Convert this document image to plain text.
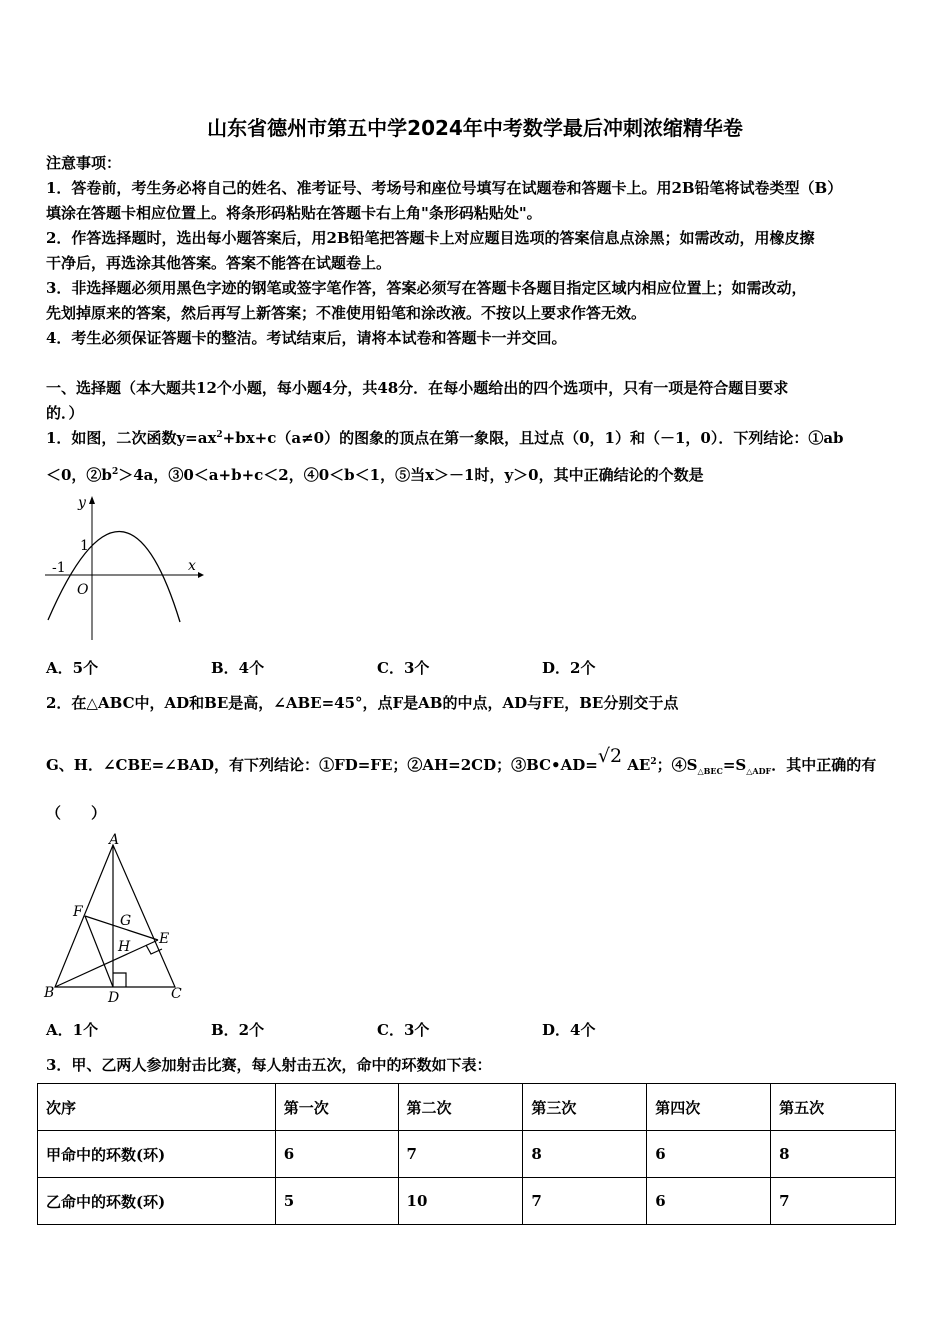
山东省德州市第五中学2024年中考数学最后冲刺浓缩精华卷
注意事项：
1．答卷前，考生务必将自己的姓名、准考证号、考场号和座位号填写在试题卷和答题卡上。用2B铅笔将试卷类型（B）
填涂在答题卡相应位置上。将条形码粘贴在答题卡右上角"条形码粘贴处"。
2．作答选择题时，选出每小题答案后，用2B铅笔把答题卡上对应题目选项的答案信息点涂黑；如需改动，用橡皮擦
干净后，再选涂其他答案。答案不能答在试题卷上。
3．非选择题必须用黑色字迹的钢笔或签字笔作答，答案必须写在答题卡各题目指定区域内相应位置上；如需改动，
先划掉原来的答案，然后再写上新答案；不准使用铅笔和涂改液。不按以上要求作答无效。
4．考生必须保证答题卡的整洁。考试结束后，请将本试卷和答题卡一并交回。
一、选择题（本大题共12个小题，每小题4分，共48分．在每小题给出的四个选项中，只有一项是符合题目要求
的．）
1．如图，二次函数$y=ax^2+bx+c(a\ne 0)$的图象的顶点在第一象限，且过点（0，1）和（－1，0）．下列结论：①ab
＜0，$②b^2>4a$，③0＜a+b+c＜2，④0＜b＜1，⑤当x＞－1时，y＞0，其中正确结论的个数是
y
x
1
-1
O
A．5个	B．4个	C．3个	D．2个
2．在△ABC中，AD和BE是高，∠ABE=45°，点F是AB的中点，AD与FE，BE分别交于点
G、H．∠CBE=∠BAD，有下列结论：①FD=FE；②AH=2CD；③BC•AD=√2 $AE^2$；$④S_{\triangle BEC}=S_{\triangle ADF}$．其中正确的有
（　　）
A
B	C
D
E
F
G
H
A．1个	B．2个	C．3个	D．4个
3．甲、乙两人参加射击比赛，每人射击五次，命中的环数如下表：
次序	第一次	第二次	第三次	第四次	第五次
甲命中的环数(环)	6	7	8	6	8
乙命中的环数(环)	5	10	7	6	7
